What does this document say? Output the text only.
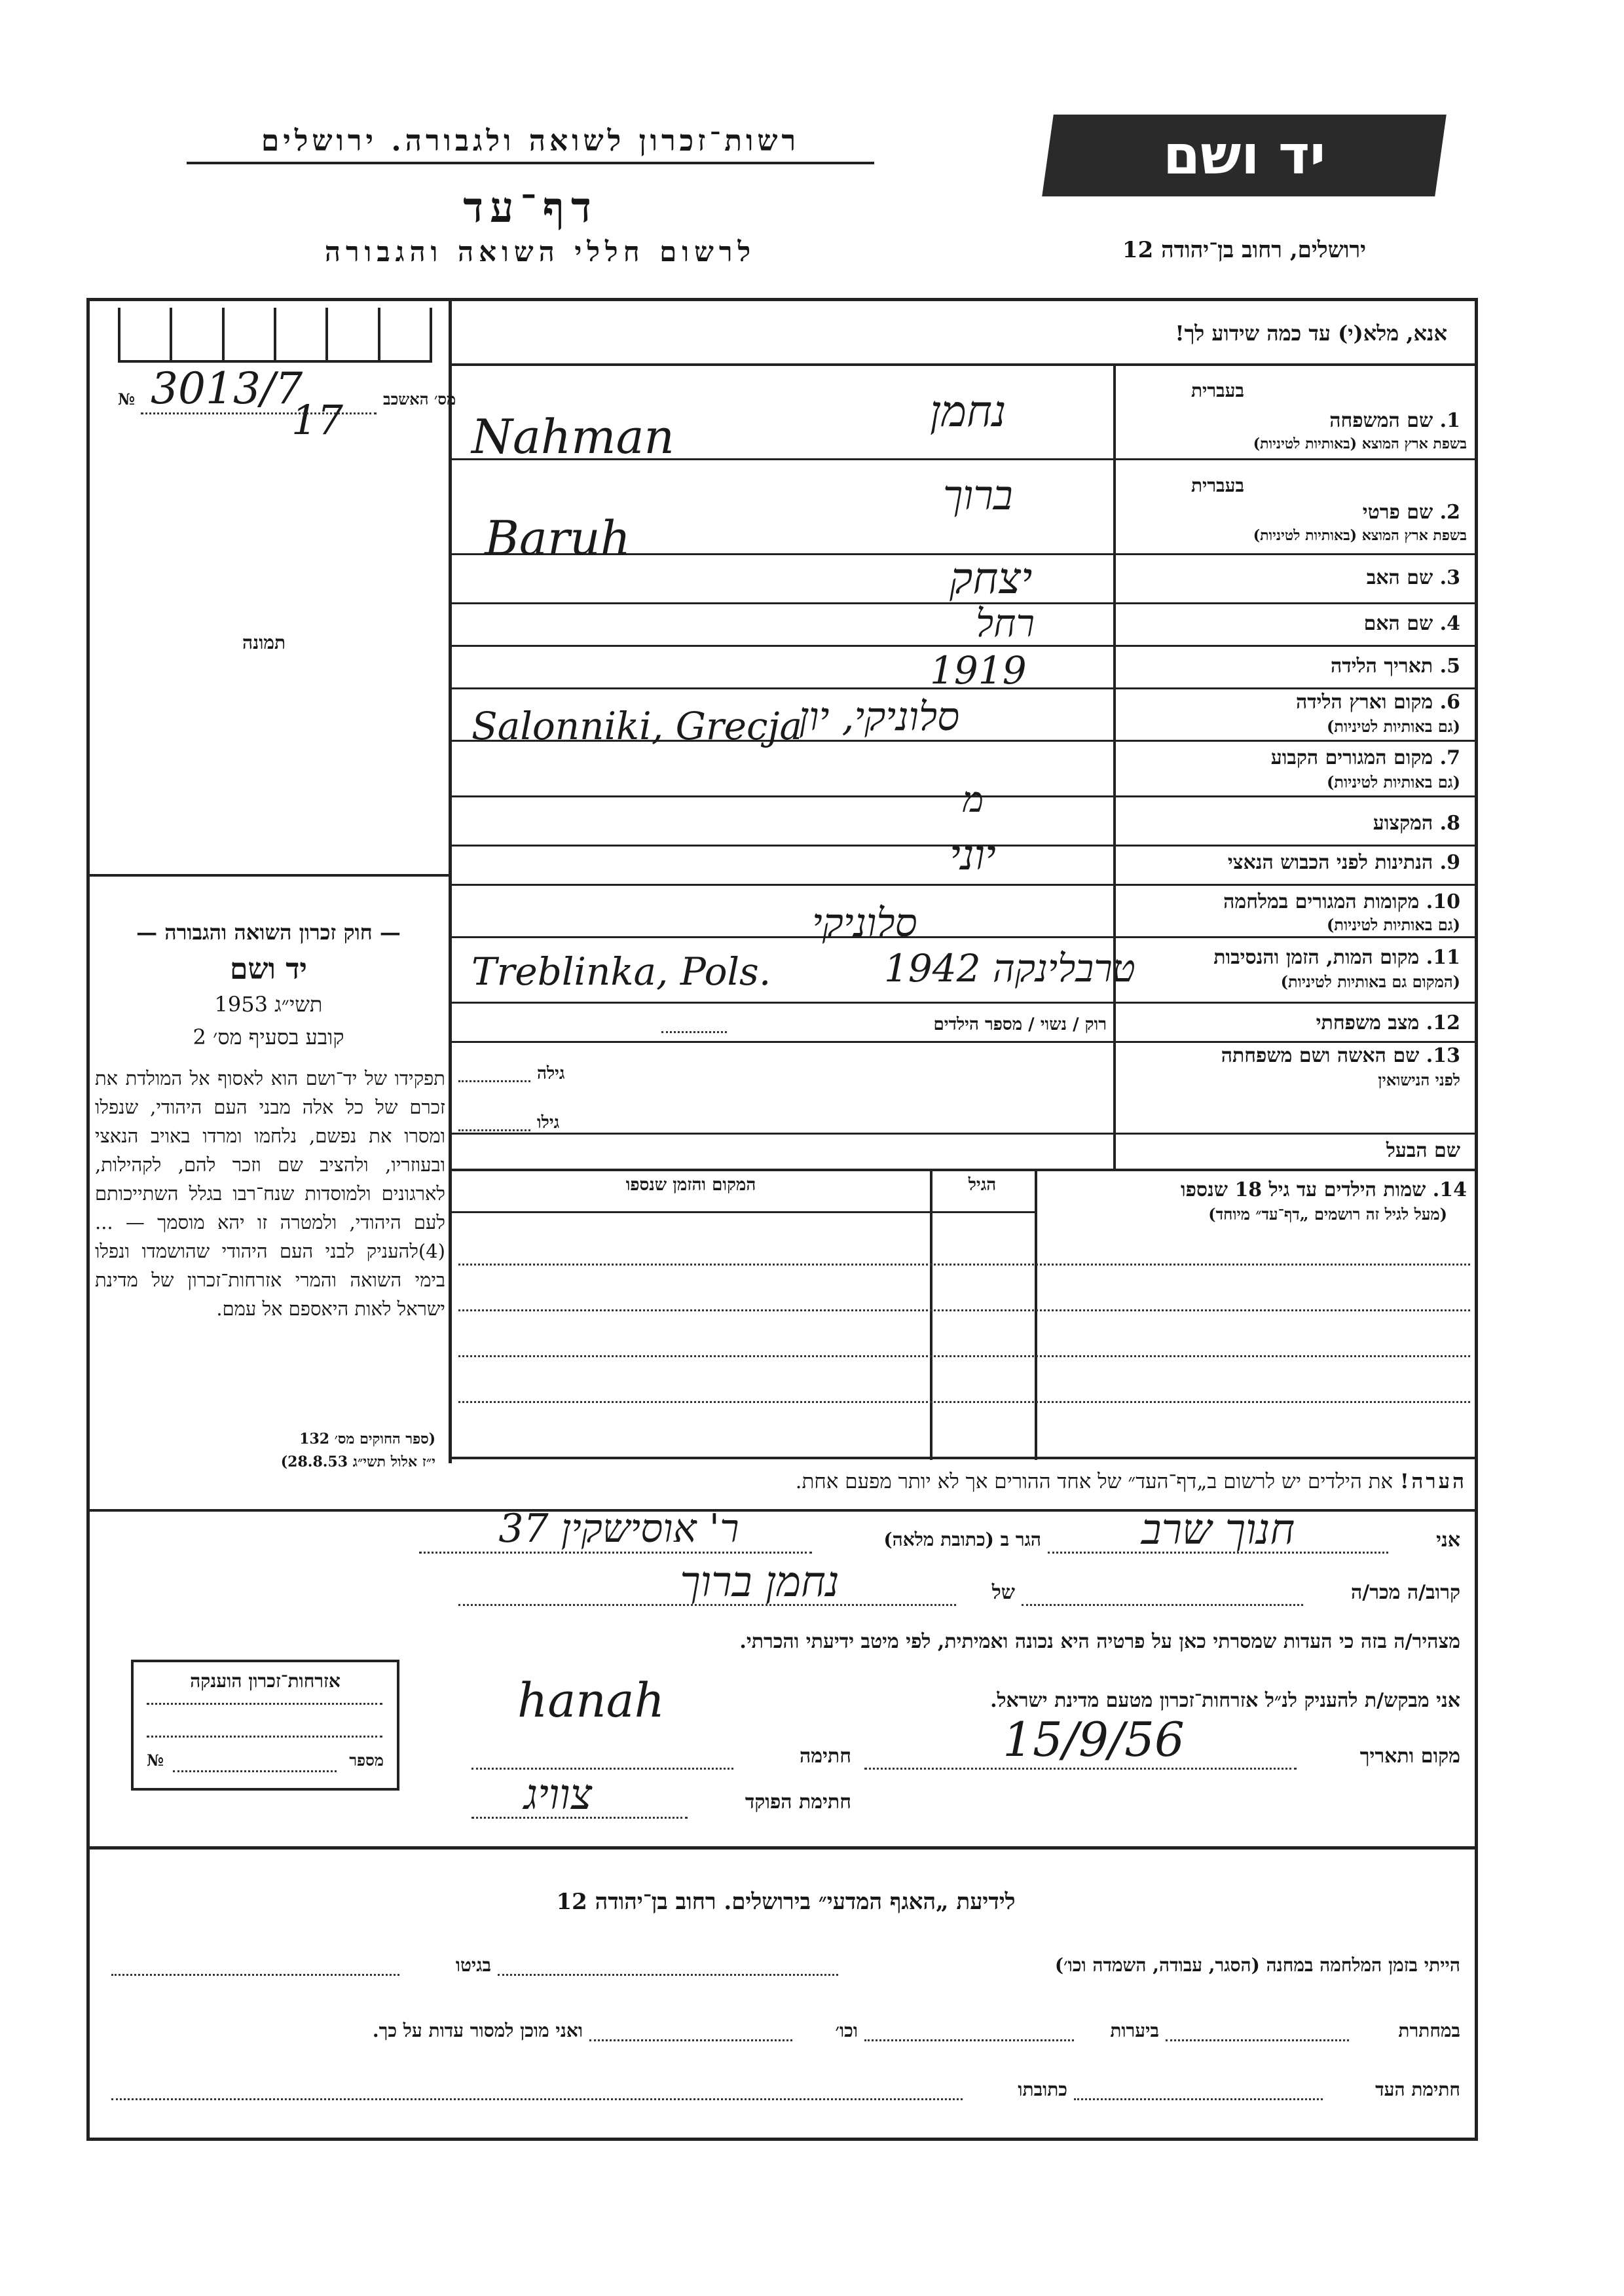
רשות־זכרון לשואה ולגבורה. ירושלים
דף־עד
לרשום חללי השואה והגבורה
יד ושם
ירושלים, רחוב בן־יהודה 12
אנא, מלא(י) עד כמה שידוע לך!
מס׳ האשכב
3013/7
№	17
תמונה
— חוק זכרון השואה והגבורה —
יד ושם
תשי״ג 1953
קובע בסעיף מס׳ 2
תפקידו של יד־ושם הוא לאסוף אל המולדת את זכרם של כל אלה מבני העם היהודי, שנפלו ומסרו את נפשם, נלחמו ומרדו באויב הנאצי ובעוזריו, ולהציב שם וזכר להם, לקהילות, לארגונים ולמוסדות שנח־רבו בגלל השתייכותם לעם היהודי, ולמטרה זו יהא מוסמך — ...(4)להעניק לבני העם היהודי שהושמדו ונפלו בימי השואה והמרי אזרחות־זכרון של מדינת ישראל לאות היאספם אל עמם.
(ספר החוקים מס׳ 132
י״ז אלול תשי״ג 28.8.53)
בעברית
1. שם המשפחה
בשפת ארץ המוצא (באותיות לטיניות)
נחמן
Nahman
בעברית
2. שם פרטי
בשפת ארץ המוצא (באותיות לטיניות)
ברוך
Baruh
3. שם האב
יצחק
4. שם האם
רחל
5. תאריך הלידה
1919
6. מקום וארץ הלידה
(גם באותיות לטיניות)
סלוניקי, יון
Salonniki, Grecja
7. מקום המגורים הקבוע
(גם באותיות לטיניות)
8. המקצוע
מ
9. הנתינות לפני הכבוש הנאצי
יוני
10. מקומות המגורים במלחמה
(גם באותיות לטיניות)
סלוניקי
11. מקום המות, הזמן והנסיבות
(המקום גם באותיות לטיניות)
טרבלינקה 1942
Treblinka, Pols.
12. מצב משפחתי
רוק / נשוי / מספר הילדים
13. שם האשה ושם משפחתה
לפני הנישואין
גילה
שם הבעל
גילו
14. שמות הילדים עד גיל 18 שנספו
(מעל לגיל זה רושמים „דף־עד״ מיוחד)
הגיל
המקום והזמן שנספו
הערה! את הילדים יש לרשום ב„דף־העד״ של אחד ההורים אך לא יותר מפעם אחת.
אני
חנוך שרב
הגר ב (כתובת מלאה)
ר' אוסישקין 37
קרוב/ה מכר/ה
של
נחמן ברוך
מצהיר/ה בזה כי העדות שמסרתי כאן על פרטיה היא נכונה ואמיתית, לפי מיטב ידיעתי והכרתי.
אני מבקש/ת להעניק לנ״ל אזרחות־זכרון מטעם מדינת ישראל.
hanah
מקום ותאריך
15/9/56
חתימה
חתימת הפוקד
צוויג
אזרחות־זכרון הוענקה
מספר
№
לידיעת „האגף המדעי״ בירושלים. רחוב בן־יהודה 12
הייתי בזמן המלחמה במחנה (הסגר, עבודה, השמדה וכו׳)
בגיטו
במחתרת
ביערות
וכו׳
ואני מוכן למסור עדות על כך.
חתימת העד
כתובתו
